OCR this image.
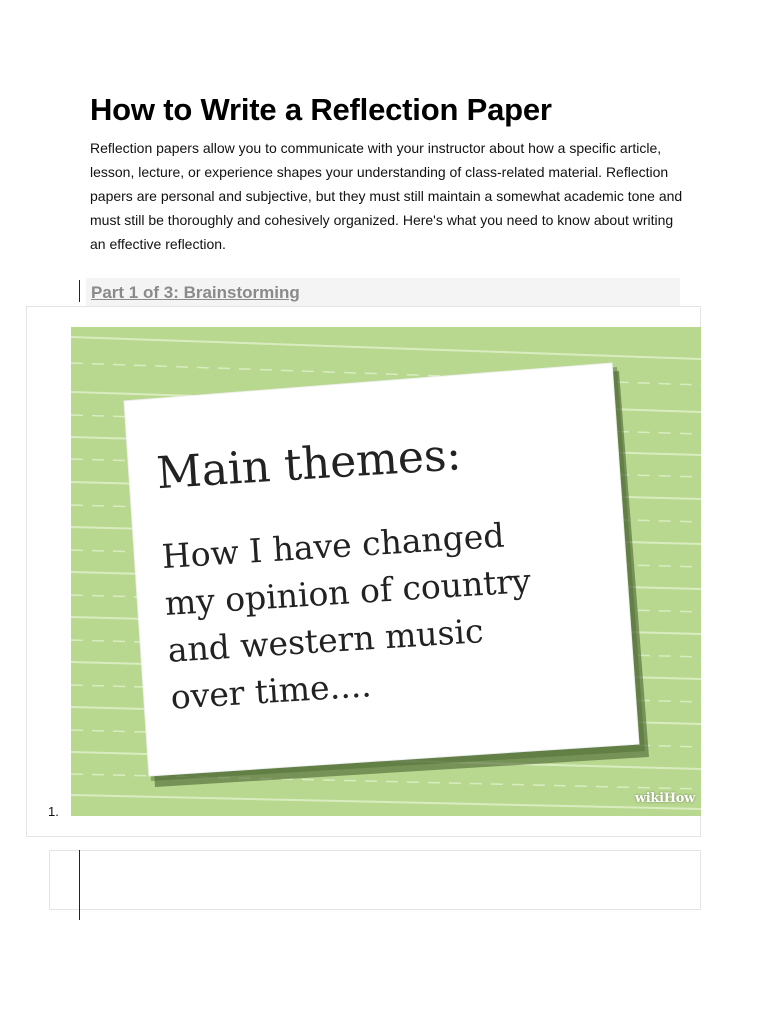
How to Write a Reflection Paper

Reflection papers allow you to communicate with your instructor about how a specific article, lesson, lecture, or experience shapes your understanding of class-related material. Reflection papers are personal and subjective, but they must still maintain a somewhat academic tone and must still be thoroughly and cohesively organized. Here's what you need to know about writing an effective reflection.

Part 1 of 3: Brainstorming
1.
Main themes:
How I have changed
my opinion of country
and western music
over time....
wikiHow
